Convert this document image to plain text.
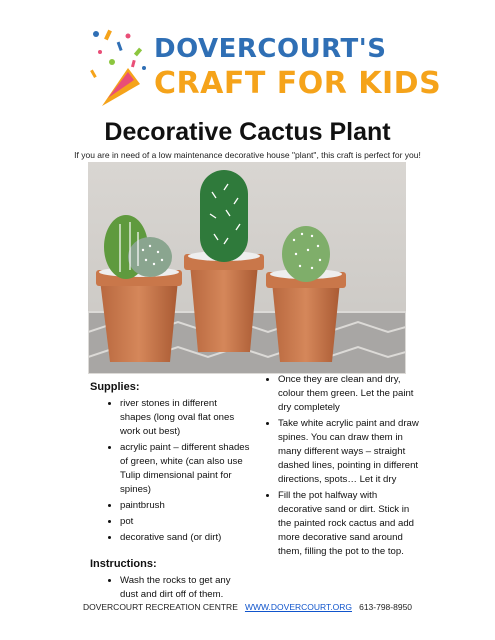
DOVERCOURT'S
CRAFT FOR KIDS
Decorative Cactus Plant
If you are in need of a low maintenance decorative house "plant", this craft is perfect for you!
Supplies:
• river stones in different shapes (long oval flat ones work out best)
• acrylic paint – different shades of green, white (can also use Tulip dimensional paint for spines)
• paintbrush
• pot
• decorative sand (or dirt)
Instructions:
• Wash the rocks to get any dust and dirt off of them.
• Once they are clean and dry, colour them green. Let the paint dry completely
• Take white acrylic paint and draw spines. You can draw them in many different ways – straight dashed lines, pointing in different directions, spots… Let it dry
• Fill the pot halfway with decorative sand or dirt. Stick in the painted rock cactus and add more decorative sand around them, filling the pot to the top.
DOVERCOURT RECREATION CENTRE WWW.DOVERCOURT.ORG 613-798-8950
